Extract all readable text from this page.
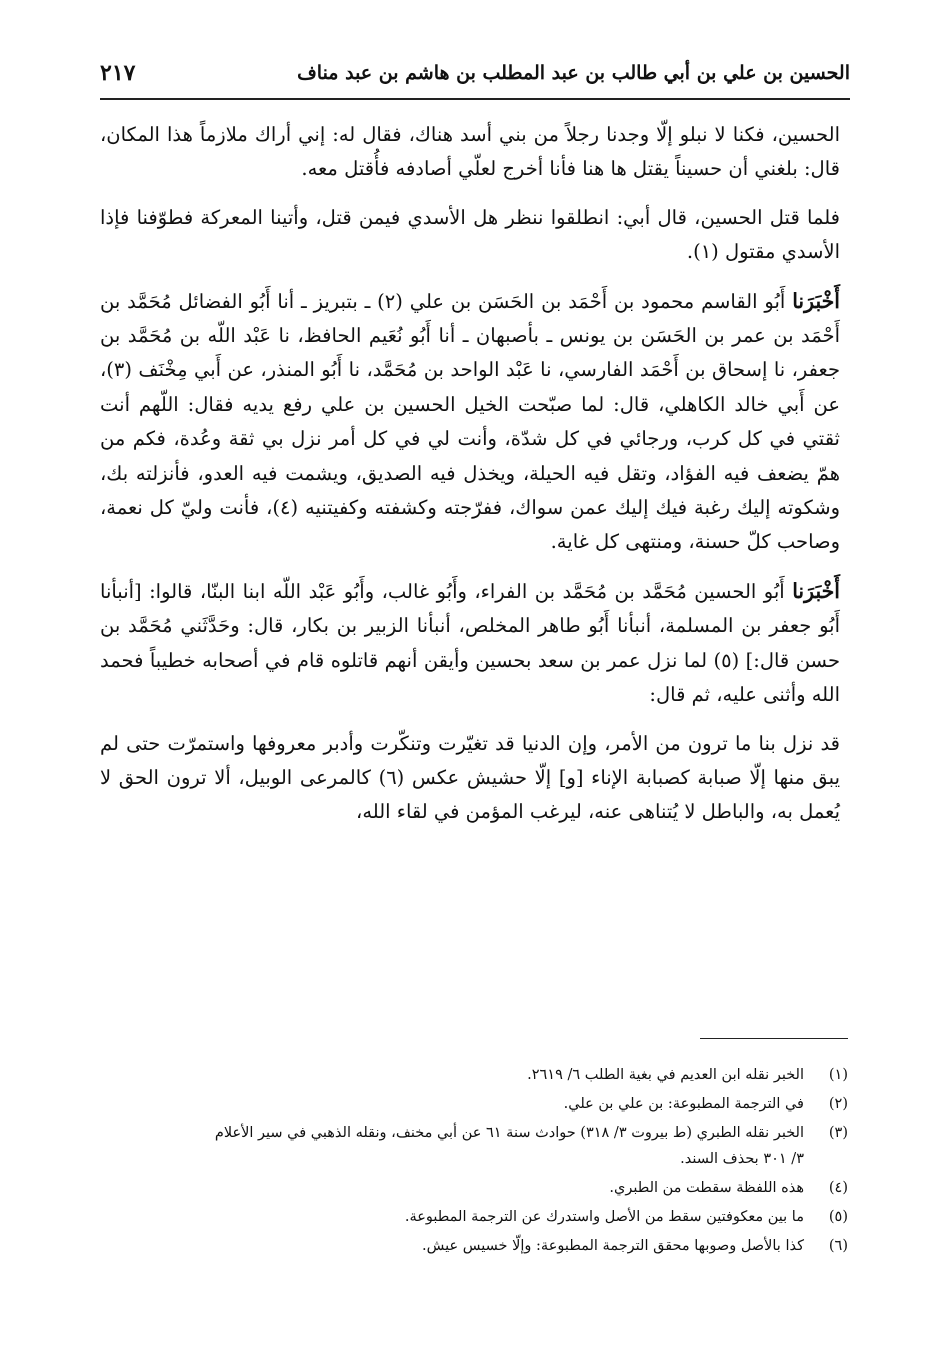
الحسين بن علي بن أبي طالب بن عبد المطلب بن هاشم بن عبد مناف
٢١٧

الحسين، فكنا لا نبلو إلّا وجدنا رجلاً من بني أسد هناك، فقال له: إني أراك ملازماً هذا المكان، قال: بلغني أن حسيناً يقتل ها هنا فأنا أخرج لعلّي أصادفه فأُقتل معه.

فلما قتل الحسين، قال أبي: انطلقوا ننظر هل الأسدي فيمن قتل، وأتينا المعركة فطوّفنا فإذا الأسدي مقتول (١).

أَخْبَرَنا أَبُو القاسم محمود بن أَحْمَد بن الحَسَن بن علي (٢) ـ بتبريز ـ أنا أَبُو الفضائل مُحَمَّد بن أَحْمَد بن عمر بن الحَسَن بن يونس ـ بأصبهان ـ أنا أَبُو نُعَيم الحافظ، نا عَبْد اللّه بن مُحَمَّد بن جعفر، نا إسحاق بن أَحْمَد الفارسي، نا عَبْد الواحد بن مُحَمَّد، نا أَبُو المنذر، عن أَبي مِخْنَف (٣)، عن أَبي خالد الكاهلي، قال: لما صبّحت الخيل الحسين بن علي رفع يديه فقال: اللّهم أنت ثقتي في كل كرب، ورجائي في كل شدّة، وأنت لي في كل أمر نزل بي ثقة وعُدة، فكم من همّ يضعف فيه الفؤاد، وتقل فيه الحيلة، ويخذل فيه الصديق، ويشمت فيه العدو، فأنزلته بك، وشكوته إليك رغبة فيك إليك عمن سواك، ففرّجته وكشفته وكفيتنيه (٤)، فأنت وليّ كل نعمة، وصاحب كلّ حسنة، ومنتهى كل غاية.

أَخْبَرَنا أَبُو الحسين مُحَمَّد بن مُحَمَّد بن الفراء، وأَبُو غالب، وأَبُو عَبْد اللّه ابنا البنّا، قالوا: [أنبأنا أَبُو جعفر بن المسلمة، أنبأنا أَبُو طاهر المخلص، أنبأنا الزبير بن بكار، قال: وحَدَّثَني مُحَمَّد بن حسن قال:] (٥) لما نزل عمر بن سعد بحسين وأيقن أنهم قاتلوه قام في أصحابه خطيباً فحمد الله وأثنى عليه، ثم قال:

قد نزل بنا ما ترون من الأمر، وإن الدنيا قد تغيّرت وتنكّرت وأدبر معروفها واستمرّت حتى لم يبق منها إلّا صبابة كصبابة الإناء [و] إلّا حشيش عكس (٦) كالمرعى الوبيل، ألا ترون الحق لا يُعمل به، والباطل لا يُتناهى عنه، ليرغب المؤمن في لقاء الله،

(١)
الخبر نقله ابن العديم في بغية الطلب ٦/ ٢٦١٩.
(٢)
في الترجمة المطبوعة: بن علي بن علي.
(٣)
الخبر نقله الطبري (ط بيروت ٣/ ٣١٨) حوادث سنة ٦١ عن أبي مخنف، ونقله الذهبي في سير الأعلام
٣/ ٣٠١ بحذف السند.
(٤)
هذه اللفظة سقطت من الطبري.
(٥)
ما بين معكوفتين سقط من الأصل واستدرك عن الترجمة المطبوعة.
(٦)
كذا بالأصل وصوبها محقق الترجمة المطبوعة: وإلّا خسيس عيش.
